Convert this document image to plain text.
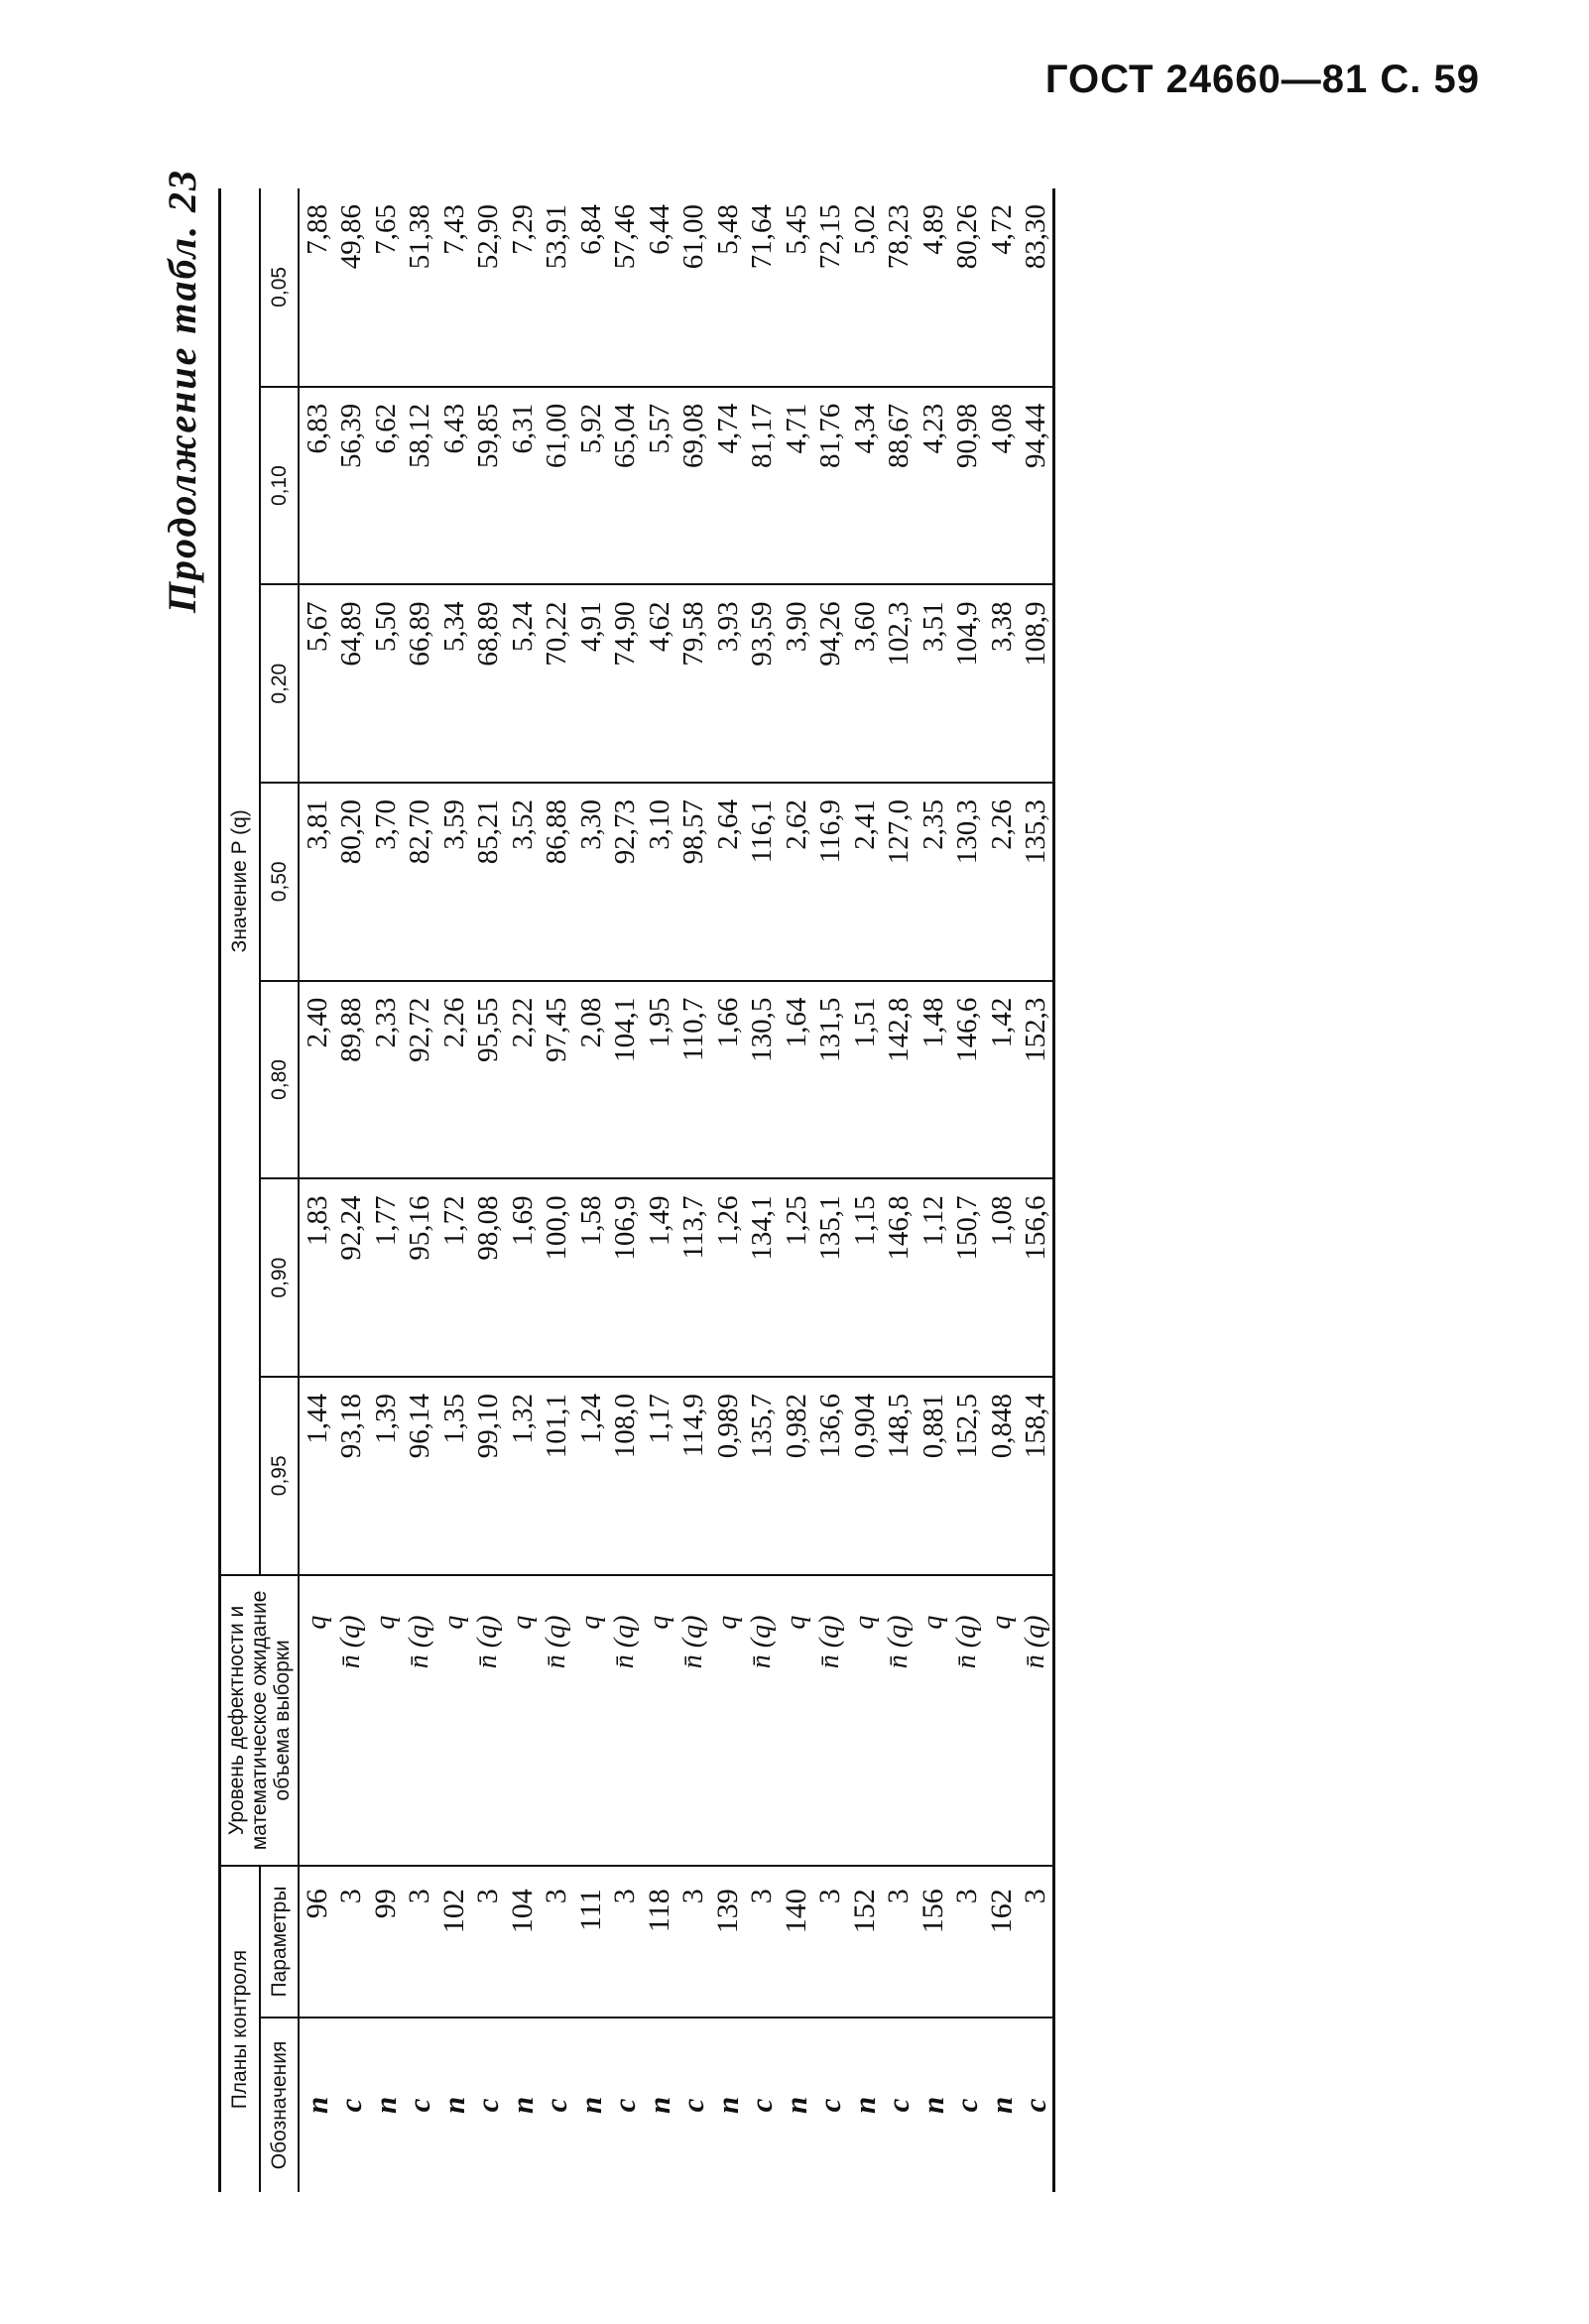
ГОСТ 24660—81 С. 59
Продолжение табл. 23
Планы контроля		Уровень дефектности и математическое ожидание объема выборки	Значение P (q)						
Обозначения	Параметры		0,95	0,90	0,80	0,50	0,20	0,10	0,05
n	96	q	1,44	1,83	2,40	3,81	5,67	6,83	7,88
c	3	n̄ (q)	93,18	92,24	89,88	80,20	64,89	56,39	49,86
n	99	q	1,39	1,77	2,33	3,70	5,50	6,62	7,65
c	3	n̄ (q)	96,14	95,16	92,72	82,70	66,89	58,12	51,38
n	102	q	1,35	1,72	2,26	3,59	5,34	6,43	7,43
c	3	n̄ (q)	99,10	98,08	95,55	85,21	68,89	59,85	52,90
n	104	q	1,32	1,69	2,22	3,52	5,24	6,31	7,29
c	3	n̄ (q)	101,1	100,0	97,45	86,88	70,22	61,00	53,91
n	111	q	1,24	1,58	2,08	3,30	4,91	5,92	6,84
c	3	n̄ (q)	108,0	106,9	104,1	92,73	74,90	65,04	57,46
n	118	q	1,17	1,49	1,95	3,10	4,62	5,57	6,44
c	3	n̄ (q)	114,9	113,7	110,7	98,57	79,58	69,08	61,00
n	139	q	0,989	1,26	1,66	2,64	3,93	4,74	5,48
c	3	n̄ (q)	135,7	134,1	130,5	116,1	93,59	81,17	71,64
n	140	q	0,982	1,25	1,64	2,62	3,90	4,71	5,45
c	3	n̄ (q)	136,6	135,1	131,5	116,9	94,26	81,76	72,15
n	152	q	0,904	1,15	1,51	2,41	3,60	4,34	5,02
c	3	n̄ (q)	148,5	146,8	142,8	127,0	102,3	88,67	78,23
n	156	q	0,881	1,12	1,48	2,35	3,51	4,23	4,89
c	3	n̄ (q)	152,5	150,7	146,6	130,3	104,9	90,98	80,26
n	162	q	0,848	1,08	1,42	2,26	3,38	4,08	4,72
c	3	n̄ (q)	158,4	156,6	152,3	135,3	108,9	94,44	83,30
